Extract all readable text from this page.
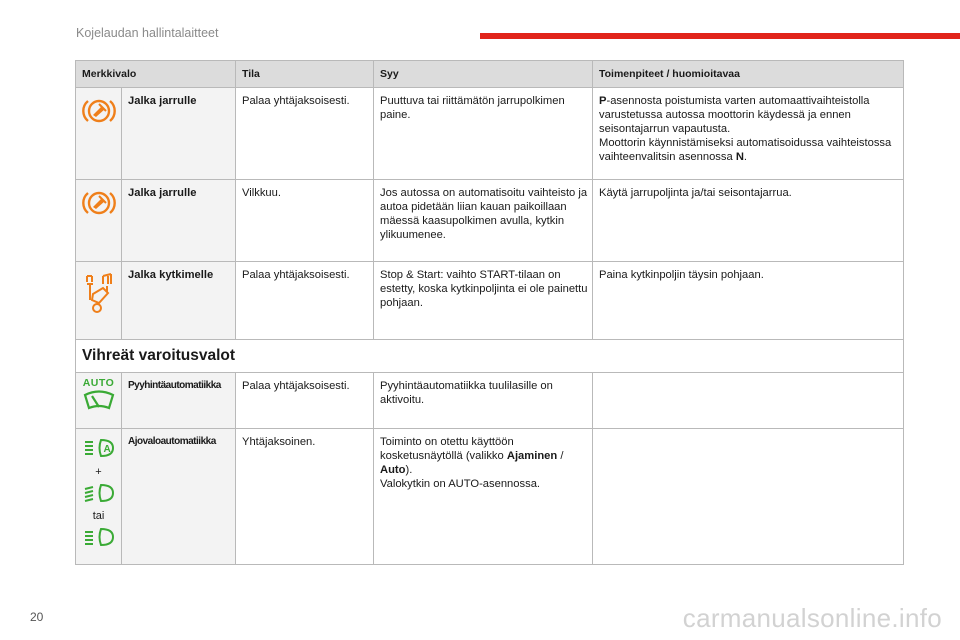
Kojelaudan hallintalaitteet
Merkkivalo		Tila	Syy	Toimenpiteet / huomioitavaa
	Jalka jarrulle	Palaa yhtäjaksoisesti.	Puuttuva tai riittämätön jarrupolkimen paine.	P-asennosta poistumista varten automaattivaihteistolla varustetussa autossa moottorin käydessä ja ennen seisontajarrun vapautusta.
Moottorin käynnistämiseksi automatisoidussa vaihteistossa vaihteenvalitsin asennossa N.

	Jalka jarrulle	Vilkkuu.	Jos autossa on automatisoitu vaihteisto ja autoa pidetään liian kauan paikoillaan mäessä kaasupolkimen avulla, kytkin ylikuumenee.	Käytä jarrupoljinta ja/tai seisontajarrua.
	Jalka kytkimelle	Palaa yhtäjaksoisesti.	Stop & Start: vaihto START-tilaan on estetty, koska kytkinpoljinta ei ole painettu pohjaan.	Paina kytkinpoljin täysin pohjaan.
Vihreät varoitusvalot				

AUTO	Pyyhintäautomatiikka	Palaa yhtäjaksoisesti.	Pyyhintäautomatiikka tuulilasille on aktivoitu.	

A
+
tai	Ajovaloautomatiikka	Yhtäjaksoinen.	Toiminto on otettu käyttöön kosketusnäytöllä (valikko Ajaminen / Auto).
Valokytkin on AUTO-asennossa.	

20	carmanualsonline.info
